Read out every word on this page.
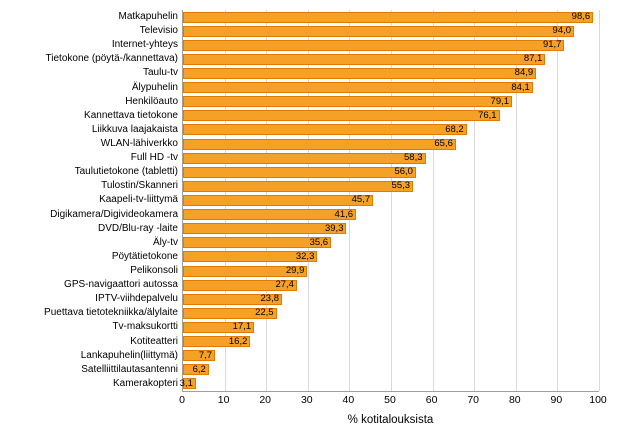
Matkapuhelin	98,6
Televisio	94,0
Internet-yhteys	91,7
Tietokone (pöytä-/kannettava)	87,1
Taulu-tv	84,9
Älypuhelin	84,1
Henkilöauto	79,1
Kannettava tietokone	76,1
Liikkuva laajakaista	68,2
WLAN-lähiverkko	65,6
Full HD -tv	58,3
Taulutietokone (tabletti)	56,0
Tulostin/Skanneri	55,3
Kaapeli-tv-liittymä	45,7
Digikamera/Digivideokamera	41,6
DVD/Blu-ray -laite	39,3
Äly-tv	35,6
Pöytätietokone	32,3
Pelikonsoli	29,9
GPS-navigaattori autossa	27,4
IPTV-viihdepalvelu	23,8
Puettava tietotekniikka/älylaite	22,5
Tv-maksukortti	17,1
Kotiteatteri	16,2
Lankapuhelin(liittymä) 7,7
Satelliittilautasantenni 6,2
Kamerakopteri 3,1
% kotitalouksista
0	10	20	30	40	50	60	70	80	90	100
